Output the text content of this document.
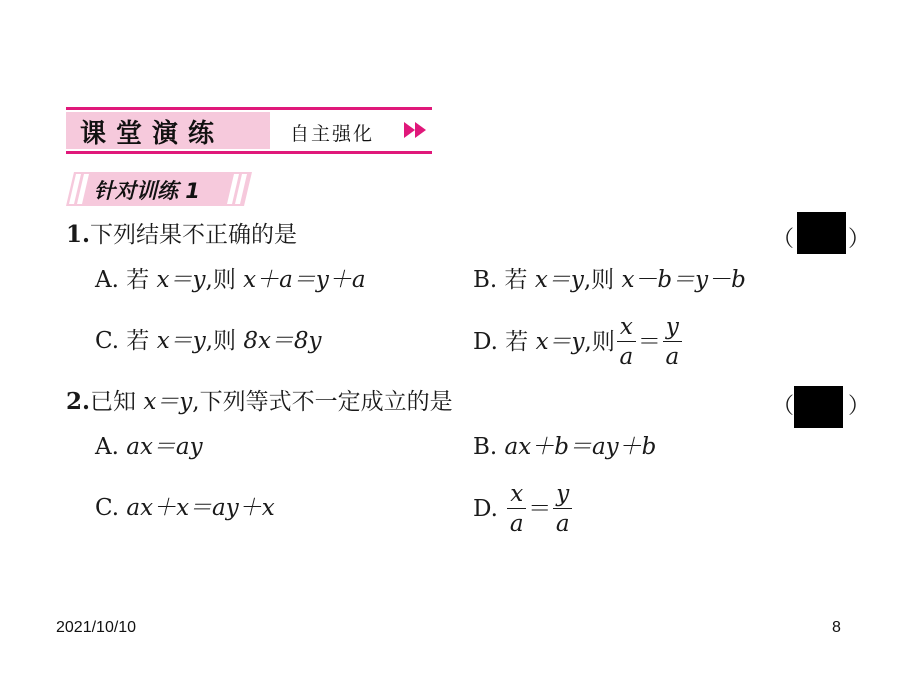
课堂演练	自主强化
针对训练 1
1.下列结果不正确的是	（ ）
A. 若 x＝y,则 x＋a＝y＋a	B. 若 x＝y,则 x－b＝y－b
C. 若 x＝y,则 8x＝8y	D. 若 x＝y,则 $\frac{x}{a} = \frac{y}{a}$
2.已知 x＝y,下列等式不一定成立的是	（ ）
A. ax＝ay	B. ax＋b＝ay＋b
C. ax＋x＝ay＋x	D. $\frac{x}{a} = \frac{y}{a}$
2021/10/10	8
